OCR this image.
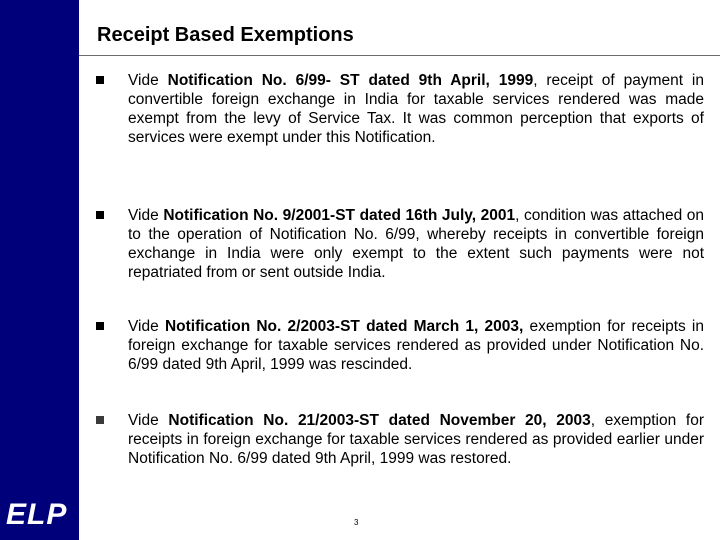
ELP
Receipt Based Exemptions
Vide Notification No. 6/99- ST dated 9th April, 1999, receipt of payment in convertible foreign exchange in India for taxable services rendered was made exempt from the levy of Service Tax. It was common perception that exports of services were exempt under this Notification.
Vide Notification No. 9/2001-ST dated 16th July, 2001, condition was attached on to the operation of Notification No. 6/99, whereby receipts in convertible foreign exchange in India were only exempt to the extent such payments were not repatriated from or sent outside India.
Vide Notification No. 2/2003-ST dated March 1, 2003, exemption for receipts in foreign exchange for taxable services rendered as provided under Notification No. 6/99 dated 9th April, 1999 was rescinded.
Vide Notification No. 21/2003-ST dated November 20, 2003, exemption for receipts in foreign exchange for taxable services rendered as provided earlier under Notification No. 6/99 dated 9th April, 1999 was restored.
3
